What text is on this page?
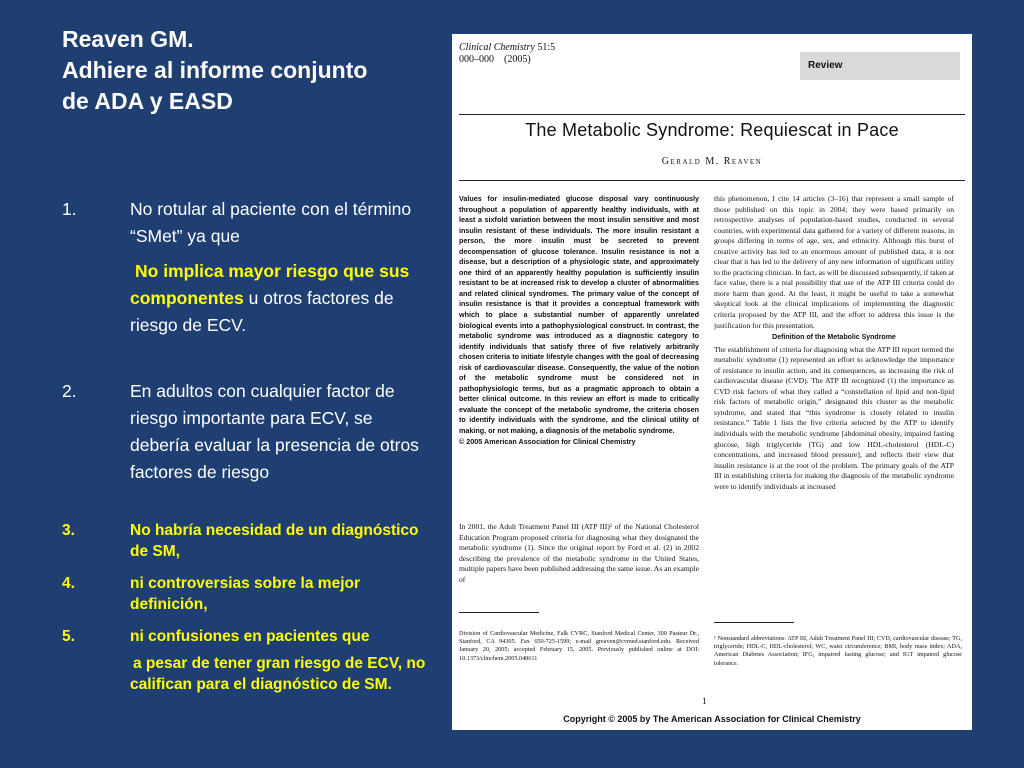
Reaven GM.
Adhiere al informe conjunto
de ADA y EASD
1.	No rotular al paciente con el término “SMet” ya que
No implica mayor riesgo que sus componentes u otros factores de riesgo de ECV.
2.	En adultos con cualquier factor de riesgo importante para ECV, se debería evaluar la presencia de otros factores de riesgo
3.	No habría necesidad de un diagnóstico de SM,
4.	ni controversias sobre la mejor definición,
5.	ni confusiones en pacientes que
a pesar de tener gran riesgo de ECV, no califican para el diagnóstico de SM.
Clinical Chemistry 51:5
000–000 (2005)
Review
The Metabolic Syndrome: Requiescat in Pace
Gerald M. Reaven
Values for insulin-mediated glucose disposal vary continuously throughout a population of apparently healthy individuals, with at least a sixfold variation between the most insulin sensitive and most insulin resistant of these individuals. The more insulin resistant a person, the more insulin must be secreted to prevent decompensation of glucose tolerance. Insulin resistance is not a disease, but a description of a physiologic state, and approximately one third of an apparently healthy population is sufficiently insulin resistant to be at increased risk to develop a cluster of abnormalities and related clinical syndromes. The primary value of the concept of insulin resistance is that it provides a conceptual framework with which to place a substantial number of apparently unrelated biological events into a pathophysiological construct. In contrast, the metabolic syndrome was introduced as a diagnostic category to identify individuals that satisfy three of five relatively arbitrarily chosen criteria to initiate lifestyle changes with the goal of decreasing risk of cardiovascular disease. Consequently, the value of the notion of the metabolic syndrome must be considered not in pathophysiologic terms, but as a pragmatic approach to obtain a better clinical outcome. In this review an effort is made to critically evaluate the concept of the metabolic syndrome, the criteria chosen to identify individuals with the syndrome, and the clinical utility of making, or not making, a diagnosis of the metabolic syndrome.
© 2005 American Association for Clinical Chemistry
In 2001, the Adult Treatment Panel III (ATP III)¹ of the National Cholesterol Education Program proposed criteria for diagnosing what they designated the metabolic syndrome (1). Since the original report by Ford et al. (2) in 2002 describing the prevalence of the metabolic syndrome in the United States, multiple papers have been published addressing the same issue. As an example of
this phenomenon, I cite 14 articles (3–16) that represent a small sample of those published on this topic in 2004; they were based primarily on retrospective analyses of population-based studies, conducted in several countries, with experimental data gathered for a variety of different reasons, in groups differing in terms of age, sex, and ethnicity. Although this burst of creative activity has led to an enormous amount of published data, it is not clear that it has led to the delivery of any new information of significant utility to the practicing clinician. In fact, as will be discussed subsequently, if taken at face value, there is a real possibility that use of the ATP III criteria could do more harm than good. At the least, it might be useful to take a somewhat skeptical look at the clinical implications of implementing the diagnostic criteria proposed by the ATP III, and the effort to address this issue is the justification for this presentation.
Definition of the Metabolic Syndrome
The establishment of criteria for diagnosing what the ATP III report termed the metabolic syndrome (1) represented an effort to acknowledge the importance of resistance to insulin action, and its consequences, as increasing the risk of cardiovascular disease (CVD). The ATP III recognized (1) the importance as CVD risk factors of what they called a “constellation of lipid and non-lipid risk factors of metabolic origin,” designated this cluster as the metabolic syndrome, and stated that “this syndrome is closely related to insulin resistance.” Table 1 lists the five criteria selected by the ATP to identify individuals with the metabolic syndrome [abdominal obesity, impaired fasting glucose, high triglyceride (TG) and low HDL-cholesterol (HDL-C) concentrations, and increased blood pressure], and reflects their view that insulin resistance is at the root of the problem. The primary goals of the ATP III in establishing criteria for making the diagnosis of the metabolic syndrome were to identify individuals at increased
Division of Cardiovascular Medicine, Falk CVRC, Stanford Medical Center, 300 Pasteur Dr., Stanford, CA 94305. Fax 650-725-1599; e-mail greaven@cvmed.stanford.edu. Received January 20, 2005; accepted February 15, 2005. Previously published online at DOI: 10.1373/clinchem.2005.048611
¹ Nonstandard abbreviations: ATP III, Adult Treatment Panel III; CVD, cardiovascular disease; TG, triglyceride; HDL-C, HDL-cholesterol; WC, waist circumference; BMI, body mass index; ADA, American Diabetes Association; IFG, impaired fasting glucose; and IGT impaired glucose tolerance.
1
Copyright © 2005 by The American Association for Clinical Chemistry
